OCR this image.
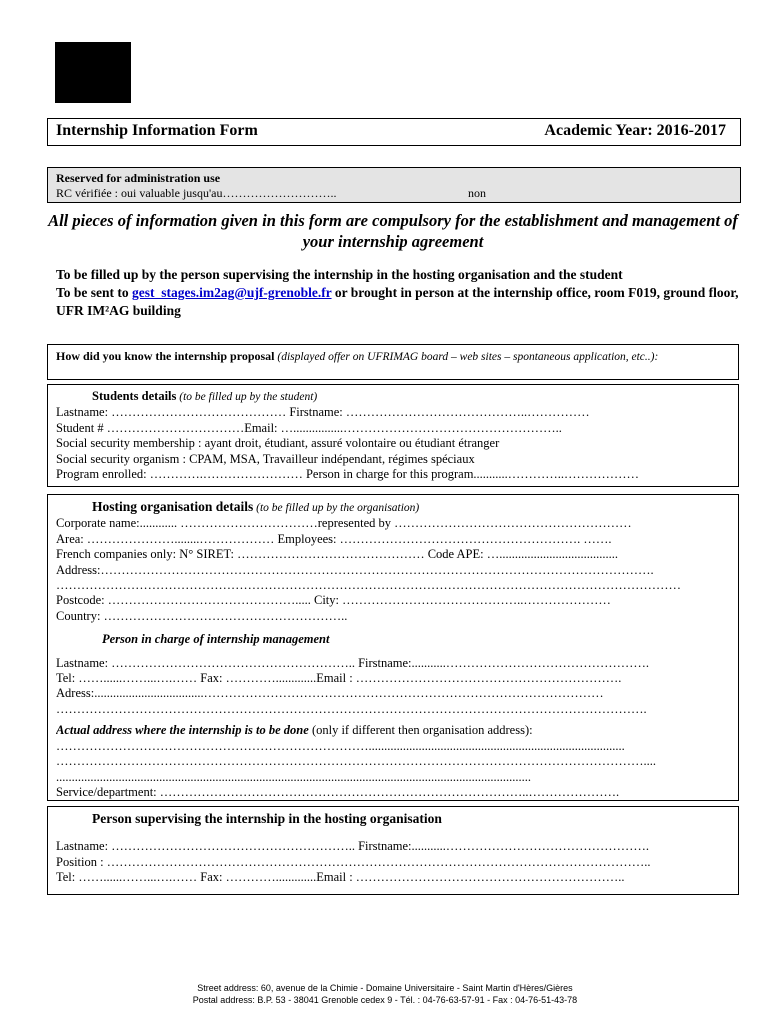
Internship Information Form	Academic Year: 2016-2017
Reserved for administration use
RC vérifiée : oui valuable jusqu'au………………………..	non
All pieces of information given in this form are compulsory for the establishment and management of your internship agreement
To be filled up by the person supervising the internship in the hosting organisation and the student
To be sent to gest_stages.im2ag@ujf-grenoble.fr or brought in person at the internship office, room F019, ground floor, UFR IM²AG building

How did you know the internship proposal (displayed offer on UFRIMAG board – web sites – spontaneous application, etc..):

Students details (to be filled up by the student)

Lastname: …………………………………… Firstname: ……………………………………..……………

Student # ……………………………Email: …................……………………………………………..

Social security membership : ayant droit, étudiant, assuré volontaire ou étudiant étranger

Social security organism : CPAM, MSA, Travailleur indépendant, régimes spéciaux

Program enrolled: ………….…………………… Person in charge for this program...........…………..………………

Hosting organisation details (to be filled up by the organisation)

Corporate name:............ ……………………………represented by …………………………………………………

Area: …………………........……………… Employees: …………………………………………………. …….

French companies only: N° SIRET: ……………………………………… Code APE: …......................................

Address:…………………………………………………………………………………………………………………….

……………………………………………………………………………………………………………………………………

Postcode: ………………………………………..... City: ……………………………………..…………………

Country: …………………………………………………..

Person in charge of internship management

Lastname: ………………………………………………….. Firstname:...........………………………………………….

Tel: ……......……...….…… Fax: ………….............Email : ……………………………………………………….

Adress:...................................……………………………………………………………………………………

…………………………………………………………………………………………………………………………….

Actual address where the internship is to be done (only if different then organisation address):

…………………………………………………………………..................................................................................

……………………………………………………………………………………………………………………………....

........................................................................................................................................................

Service/department: ……………………………………………………………………………..………………….

Person supervising the internship in the hosting organisation

Lastname: ………………………………………………….. Firstname:...........………………………………………….

Position : …………………………………………………………………………………………………………………..

Tel: ……......……...….…… Fax: ………….............Email : ………………………………………………………..

Street address: 60, avenue de la Chimie - Domaine Universitaire - Saint Martin d'Hères/Gières
Postal address: B.P. 53 - 38041 Grenoble cedex 9 - Tél. : 04-76-63-57-91 - Fax : 04-76-51-43-78
